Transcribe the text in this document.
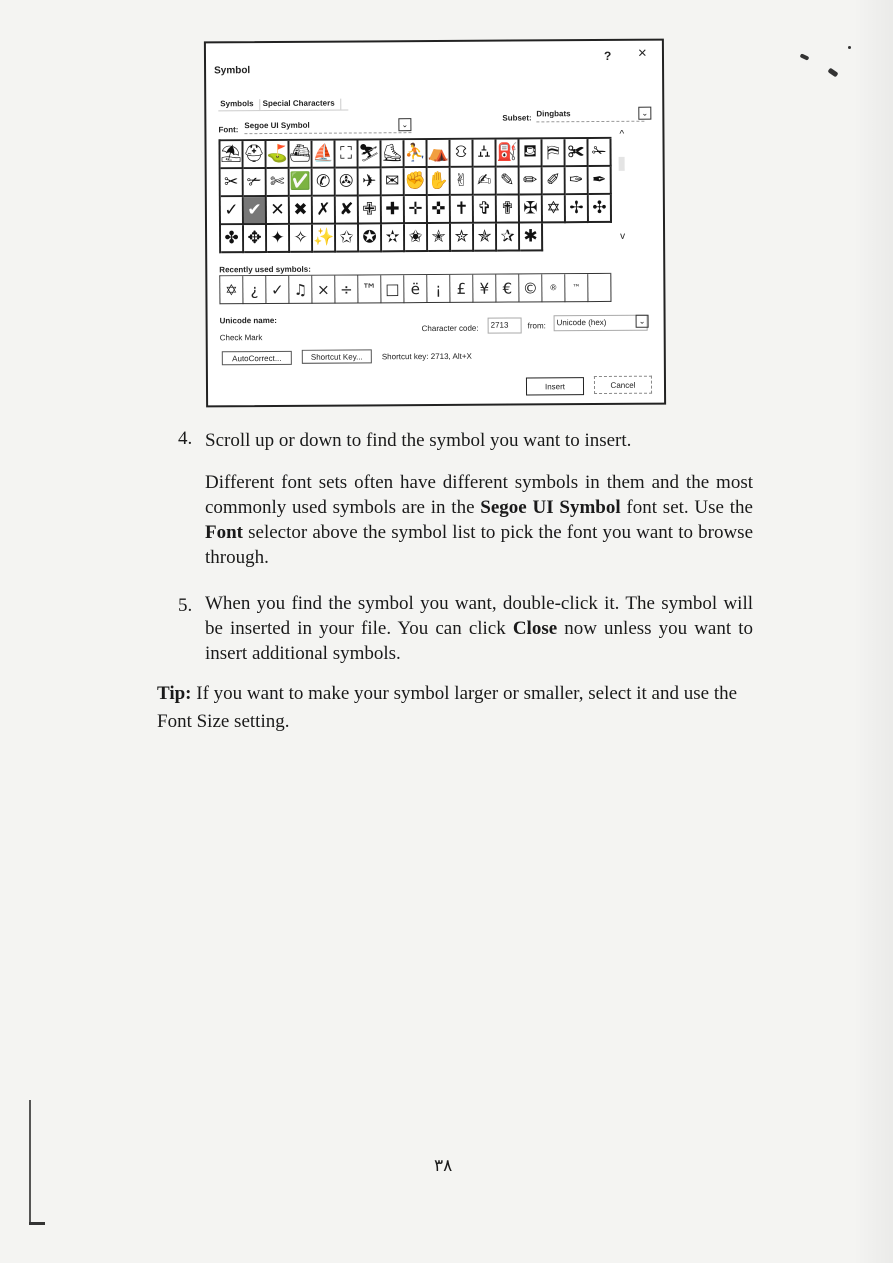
Symbol
? ×
Symbols	Special Characters
Font: Segoe UI Symbol	⌄
Subset: Dingbats	⌄
⛱ ⛑ ⛳ ⛴ ⛵ ⛶ ⛷ ⛸ ⛹ ⛺ ⛻ ⛼ ⛽ ⛾ ⛿ ✀ ✁
✂ ✃ ✄ ✅ ✆ ✇ ✈ ✉ ✊ ✋ ✌ ✍ ✎ ✏ ✐ ✑ ✒
✓ ✔ ✕ ✖ ✗ ✘ ✙ ✚ ✛ ✜ ✝ ✞ ✟ ✠ ✡ ✢ ✣
✤ ✥ ✦ ✧ ✨ ✩ ✪ ✫ ✬ ✭ ✮ ✯ ✰ ✱
^
v
Recently used symbols:
✡ ¿ ✓ ♫ × ÷ ™ □ ë	¡	£ ¥ € ©	®	™
Unicode name:
Check Mark
Character code:	2713	from:	Unicode (hex)	⌄
AutoCorrect...	Shortcut Key...	Shortcut key: 2713, Alt+X
Insert	Cancel
4. Scroll up or down to find the symbol you want to insert.
Different font sets often have different symbols in them and the most commonly used symbols are in the Segoe UI Symbol font set. Use the Font selector above the symbol list to pick the font you want to browse through.
5. When you find the symbol you want, double-click it. The symbol will be inserted in your file. You can click Close now unless you want to insert additional symbols.
Tip: If you want to make your symbol larger or smaller, select it and use the Font Size setting.
٣٨
